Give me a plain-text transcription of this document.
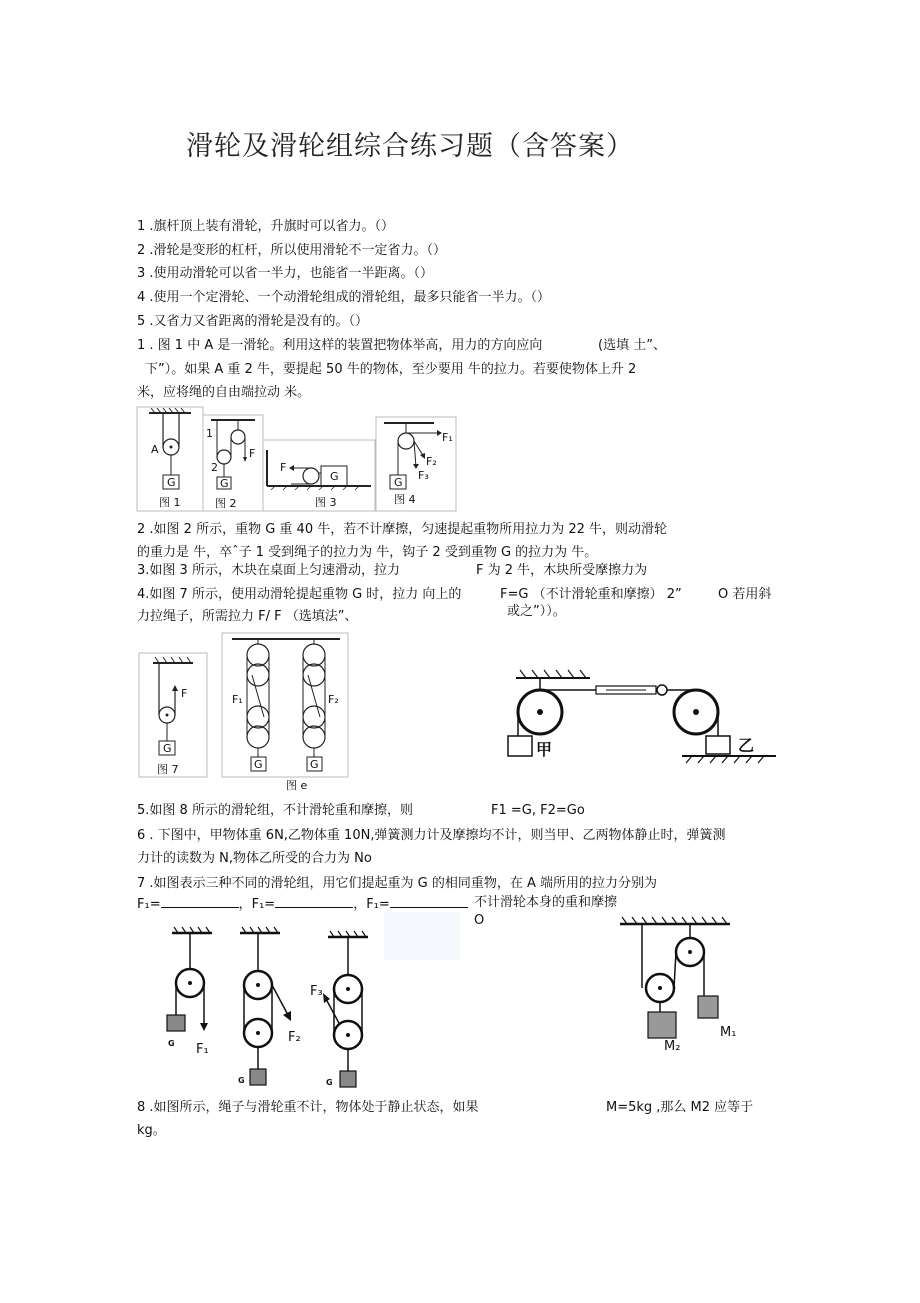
滑轮及滑轮组综合练习题（含答案）
1 .旗杆顶上装有滑轮，升旗时可以省力。（）
2 .滑轮是变形的杠杆，所以使用滑轮不一定省力。（）
3 .使用动滑轮可以省一半力，也能省一半距离。（）
4 .使用一个定滑轮、一个动滑轮组成的滑轮组，最多只能省一半力。（）
5 .又省力又省距离的滑轮是没有的。（）
1 . 图 1 中 A 是一滑轮。利用这样的装置把物体举高，用力的方向应向	(选填 土”、
下”）。如果 A 重 2 牛，要提起 50 牛的物体，至少要用 牛的拉力。若要使物体上升 2
米，应将绳的自由端拉动 米。
A
G
图 1
1
2
F
G
图 2
F
G
图 3
F₁
F₂
F₃
G
图 4
2 .如图 2 所示，重物 G 重 40 牛，若不计摩擦，匀速提起重物所用拉力为 22 牛，则动滑轮
的重力是 牛，卒ˆ子 1 受到绳子的拉力为 牛，钩子 2 受到重物 G 的拉力为 牛。
3.如图 3 所示，木块在桌面上匀速滑动，拉力	F 为 2 牛，木块所受摩擦力为
4.如图 7 所示，使用动滑轮提起重物 G 时，拉力 向上的	F=G （不计滑轮重和摩擦） 2”	O 若用斜
力拉绳子，所需拉力 F/ F （选填法”、	或之”））。
F
G
图 7
F₁	F₂
G	G
图 e
甲	乙
5.如图 8 所示的滑轮组，不计滑轮重和摩擦，则	F1 =G, F2=Go
6 . 下图中，甲物体重 6N,乙物体重 10N,弹簧测力计及摩擦均不计，则当甲、乙两物体静止时，弹簧测
力计的读数为 N,物体乙所受的合力为 No
7 .如图表示三种不同的滑轮组，用它们提起重为 G 的相同重物，在 A 端所用的拉力分别为
F₁=	，F₁=	，F₁=	不计滑轮本身的重和摩擦
O
G F₁
G
F₂
G
F₃
M₁
M₂
8 .如图所示，绳子与滑轮重不计，物体处于静止状态，如果	M=5kg ,那么 M2 应等于
kg。
